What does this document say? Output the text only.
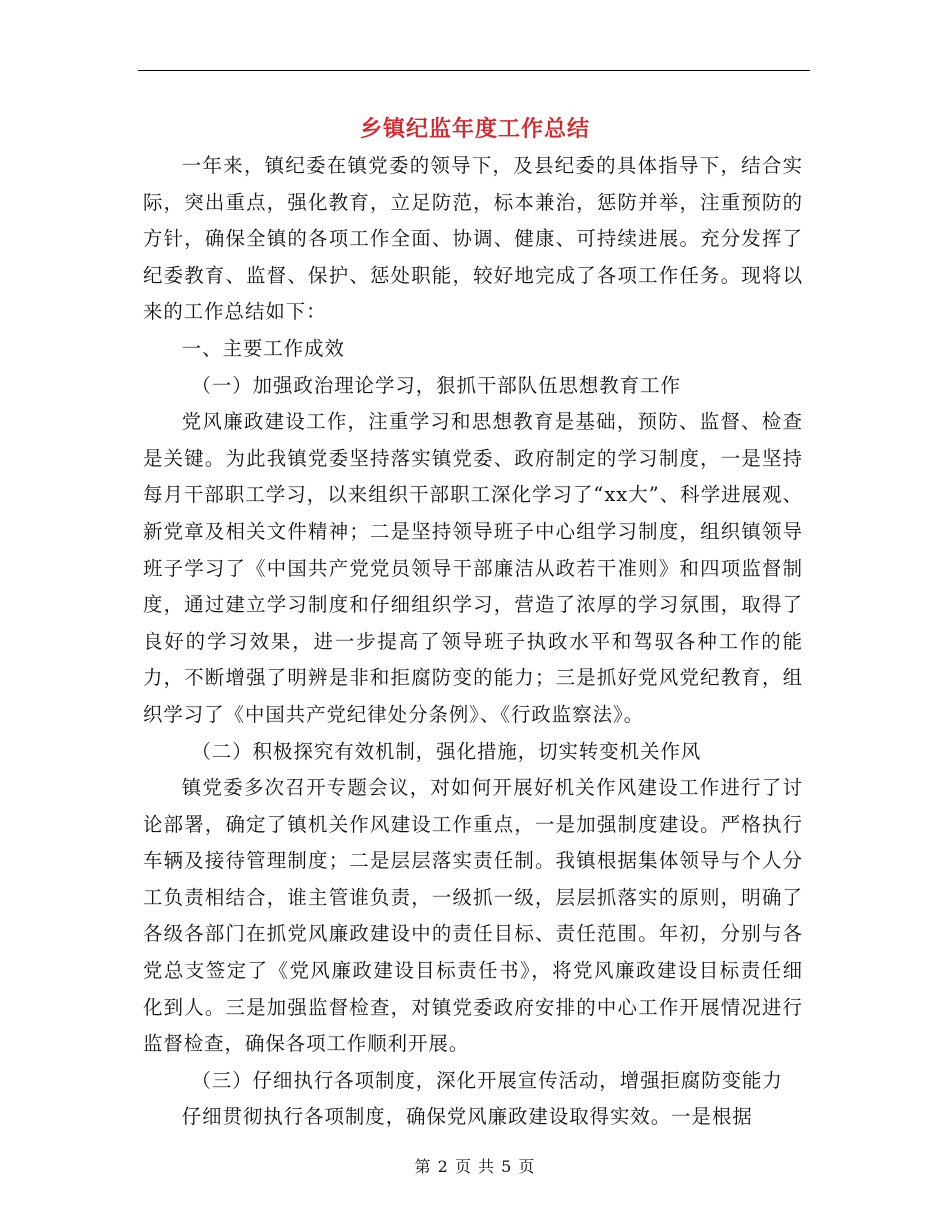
乡镇纪监年度工作总结

一年来，镇纪委在镇党委的领导下，及县纪委的具体指导下，结合实际，突出重点，强化教育，立足防范，标本兼治，惩防并举，注重预防的方针，确保全镇的各项工作全面、协调、健康、可持续进展。充分发挥了纪委教育、监督、保护、惩处职能，较好地完成了各项工作任务。现将以来的工作总结如下：

一、主要工作成效

（一）加强政治理论学习，狠抓干部队伍思想教育工作

党风廉政建设工作，注重学习和思想教育是基础，预防、监督、检查是关键。为此我镇党委坚持落实镇党委、政府制定的学习制度，一是坚持每月干部职工学习，以来组织干部职工深化学习了“xx大”、科学进展观、新党章及相关文件精神；二是坚持领导班子中心组学习制度，组织镇领导班子学习了《中国共产党党员领导干部廉洁从政若干准则》和四项监督制度，通过建立学习制度和仔细组织学习，营造了浓厚的学习氛围，取得了良好的学习效果，进一步提高了领导班子执政水平和驾驭各种工作的能力，不断增强了明辨是非和拒腐防变的能力；三是抓好党风党纪教育，组织学习了《中国共产党纪律处分条例》、《行政监察法》。

（二）积极探究有效机制，强化措施，切实转变机关作风

镇党委多次召开专题会议，对如何开展好机关作风建设工作进行了讨论部署，确定了镇机关作风建设工作重点，一是加强制度建设。严格执行车辆及接待管理制度；二是层层落实责任制。我镇根据集体领导与个人分工负责相结合，谁主管谁负责，一级抓一级，层层抓落实的原则，明确了各级各部门在抓党风廉政建设中的责任目标、责任范围。年初，分别与各党总支签定了《党风廉政建设目标责任书》，将党风廉政建设目标责任细化到人。三是加强监督检查，对镇党委政府安排的中心工作开展情况进行监督检查，确保各项工作顺利开展。

（三）仔细执行各项制度，深化开展宣传活动，增强拒腐防变能力

仔细贯彻执行各项制度，确保党风廉政建设取得实效。一是根据

第 2 页 共 5 页
